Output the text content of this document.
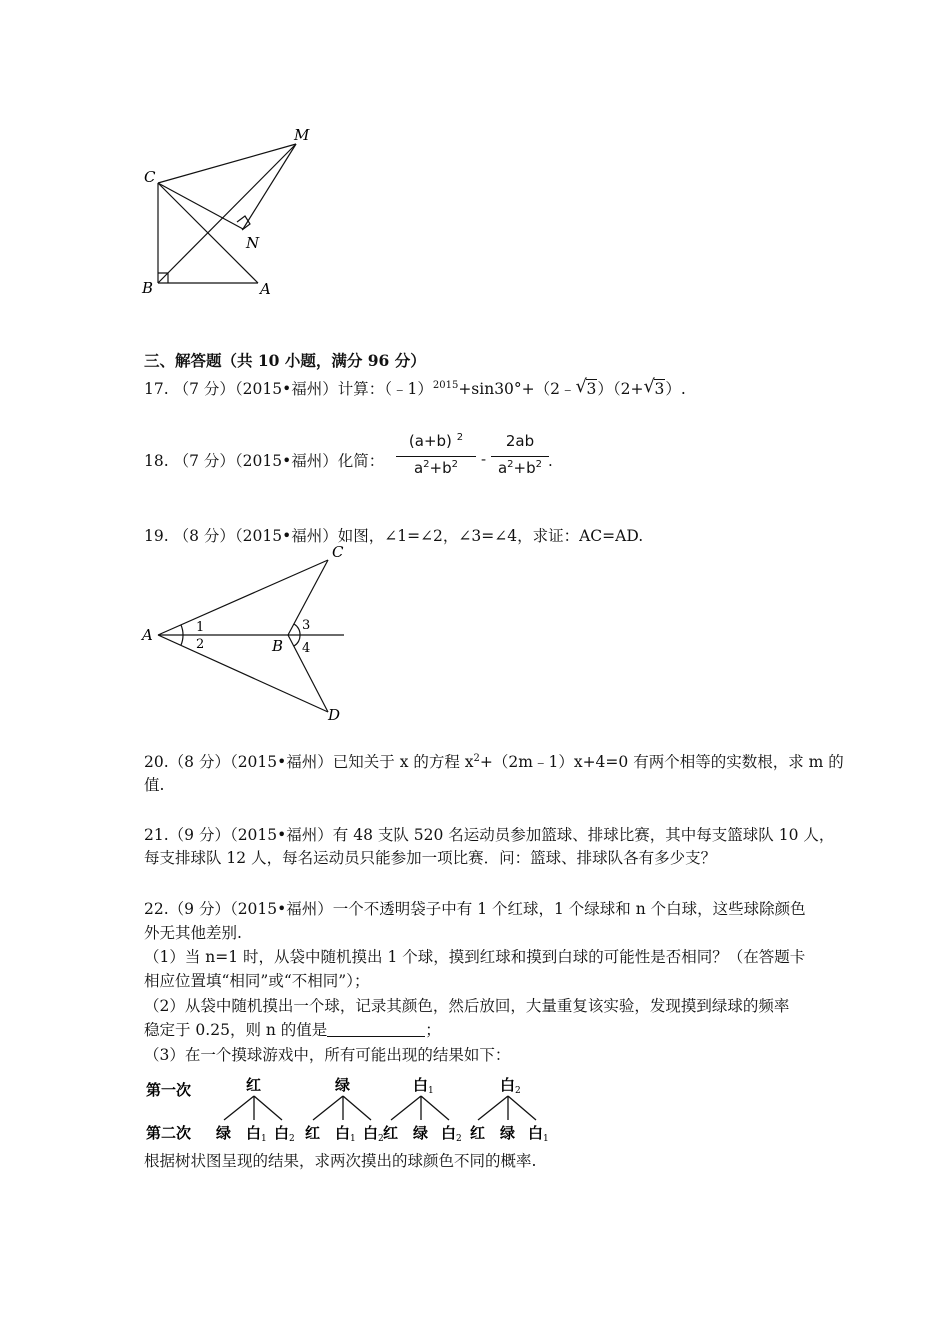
C
M
N
B	A
三、解答题（共 10 小题，满分 96 分）
17. （7 分）（2015•福州）计算：（﹣1）$^{2015}$+sin30°+（2﹣ √ 3）（2+ √ 3）.
18. （7 分）（2015•福州）化简： $\frac{(a+b) ^2}{a^2+b^2} - \frac{2ab}{a^2+b^2}$ .
19. （8 分）（2015•福州）如图，∠1=∠2，∠3=∠4，求证：AC=AD.
A
B
C
D
1
2
3
4
20.（8 分）（2015•福州）已知关于 x 的方程 $x^2+(2m﹣1)x+4=0$ 有两个相等的实数根，求 m 的
值.
21.（9 分）（2015•福州）有 48 支队 520 名运动员参加篮球、排球比赛，其中每支篮球队 10 人，
每支排球队 12 人，每名运动员只能参加一项比赛．问：篮球、排球队各有多少支？
22.（9 分）（2015•福州）一个不透明袋子中有 1 个红球，1 个绿球和 n 个白球，这些球除颜色
外无其他差别.
（1）当 n=1 时，从袋中随机摸出 1 个球，摸到红球和摸到白球的可能性是否相同？（在答题卡
相应位置填“相同”或“不相同”）；
（2）从袋中随机摸出一个球，记录其颜色，然后放回，大量重复该实验，发现摸到绿球的频率
稳定于 0.25，则 n 的值是	；
（3）在一个摸球游戏中，所有可能出现的结果如下：
第一次
第二次
红
绿 白 1 白 2
绿
红 白 1 白 2
白 1
红 绿 白 2
白 2
红 绿 白 1
根据树状图呈现的结果，求两次摸出的球颜色不同的概率.
